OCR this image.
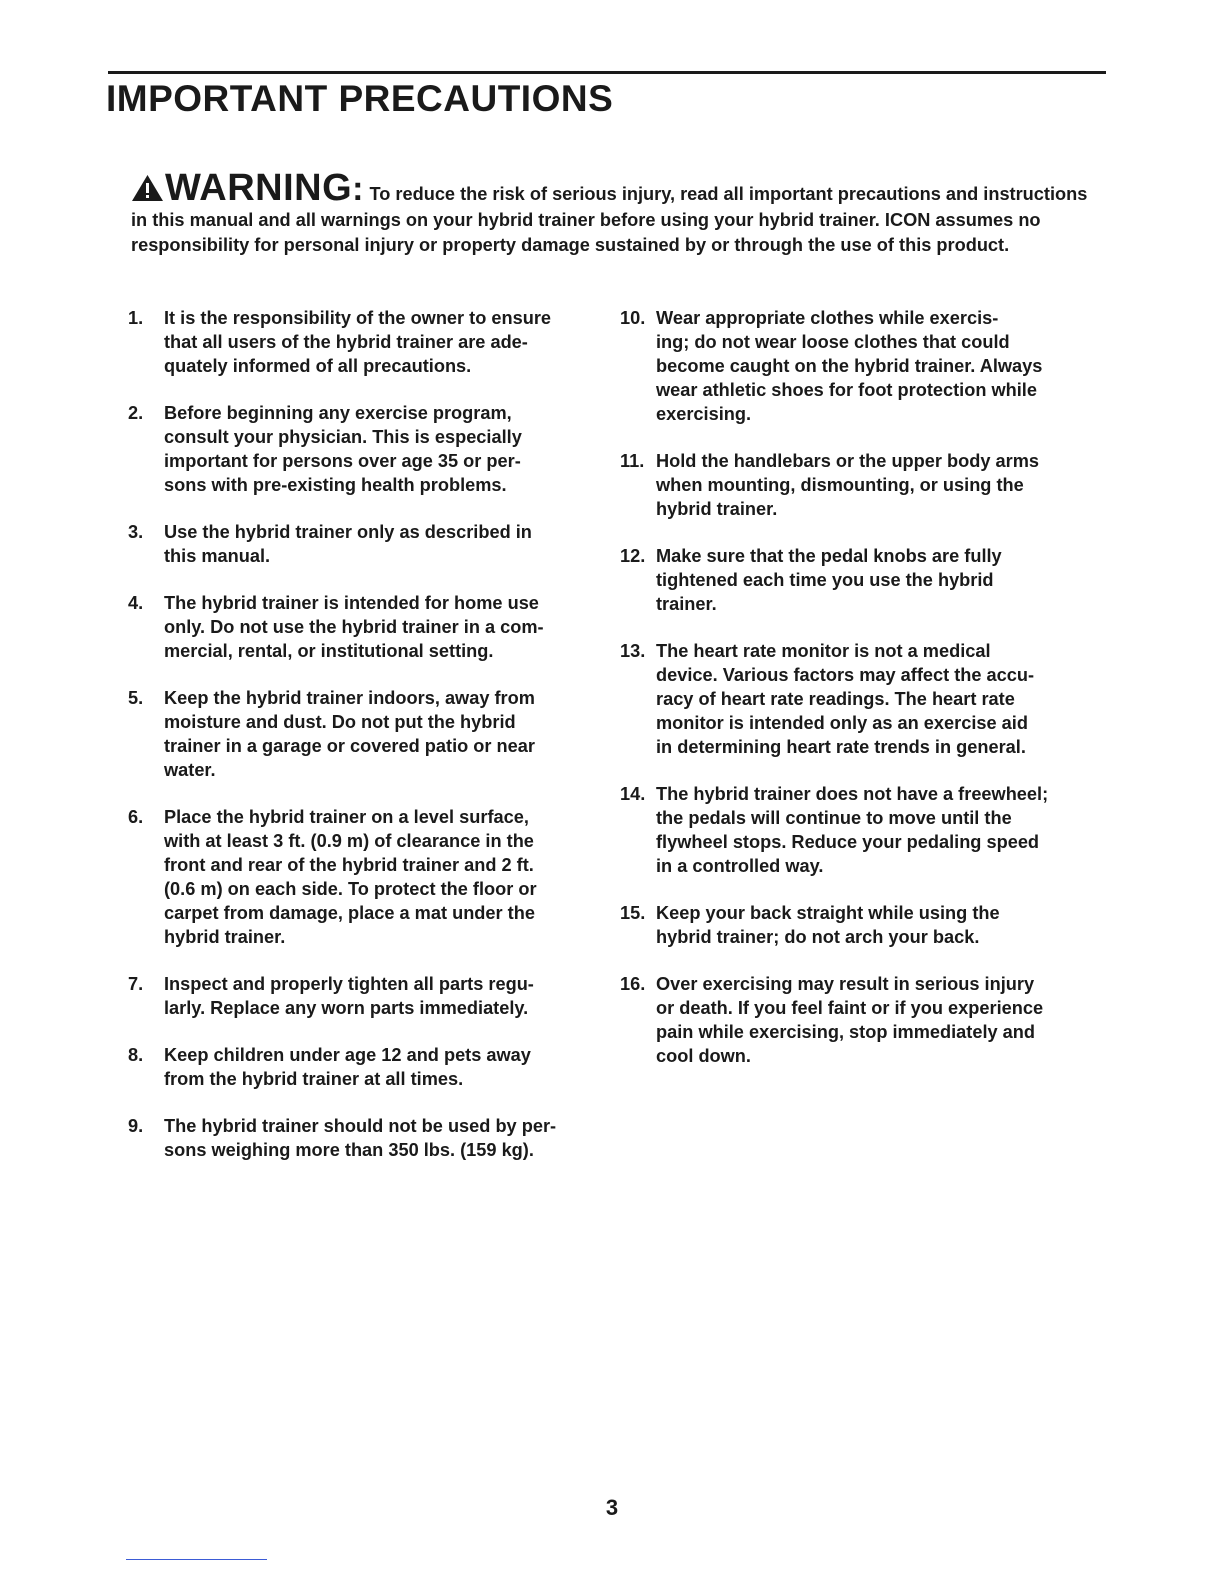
IMPORTANT PRECAUTIONS
WARNING: To reduce the risk of serious injury, read all important precautions and instructions in this manual and all warnings on your hybrid trainer before using your hybrid trainer. ICON assumes no responsibility for personal injury or property damage sustained by or through the use of this product.
1. It is the responsibility of the owner to ensure
that all users of the hybrid trainer are ade-
quately informed of all precautions.
2. Before beginning any exercise program,
consult your physician. This is especially
important for persons over age 35 or per-
sons with pre-existing health problems.
3. Use the hybrid trainer only as described in
this manual.
4. The hybrid trainer is intended for home use
only. Do not use the hybrid trainer in a com-
mercial, rental, or institutional setting.
5. Keep the hybrid trainer indoors, away from
moisture and dust. Do not put the hybrid
trainer in a garage or covered patio or near
water.
6. Place the hybrid trainer on a level surface,
with at least 3 ft. (0.9 m) of clearance in the
front and rear of the hybrid trainer and 2 ft.
(0.6 m) on each side. To protect the floor or
carpet from damage, place a mat under the
hybrid trainer.
7. Inspect and properly tighten all parts regu-
larly. Replace any worn parts immediately.
8. Keep children under age 12 and pets away
from the hybrid trainer at all times.
9. The hybrid trainer should not be used by per-
sons weighing more than 350 lbs. (159 kg).
10. Wear appropriate clothes while exercis-
ing; do not wear loose clothes that could
become caught on the hybrid trainer. Always
wear athletic shoes for foot protection while
exercising.
11. Hold the handlebars or the upper body arms
when mounting, dismounting, or using the
hybrid trainer.
12. Make sure that the pedal knobs are fully
tightened each time you use the hybrid
trainer.
13. The heart rate monitor is not a medical
device. Various factors may affect the accu-
racy of heart rate readings. The heart rate
monitor is intended only as an exercise aid
in determining heart rate trends in general.
14. The hybrid trainer does not have a freewheel;
the pedals will continue to move until the
flywheel stops. Reduce your pedaling speed
in a controlled way.
15. Keep your back straight while using the
hybrid trainer; do not arch your back.
16. Over exercising may result in serious injury
or death. If you feel faint or if you experience
pain while exercising, stop immediately and
cool down.
3
